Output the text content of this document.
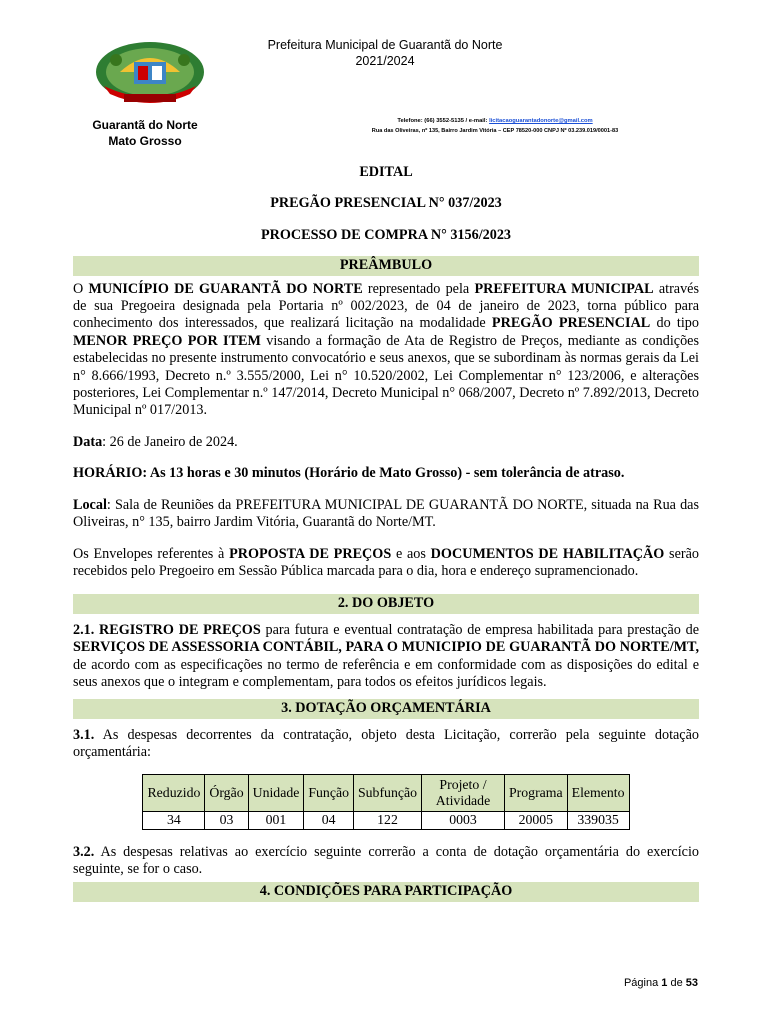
Prefeitura Municipal de Guarantã do Norte
2021/2024
Guarantã do Norte
Mato Grosso
Telefone: (66) 3552-5135 / e-mail: licitacaoguarantadonorte@gmail.com
Rua das Oliveiras, nº 135, Bairro Jardim Vitória – CEP 78520-000 CNPJ Nº 03.239.019/0001-83
EDITAL
PREGÃO PRESENCIAL N° 037/2023
PROCESSO DE COMPRA N° 3156/2023
PREÂMBULO

O MUNICÍPIO DE GUARANTÃ DO NORTE representado pela PREFEITURA MUNICIPAL através de sua Pregoeira designada pela Portaria nº 002/2023, de 04 de janeiro de 2023, torna público para conhecimento dos interessados, que realizará licitação na modalidade PREGÃO PRESENCIAL do tipo MENOR PREÇO POR ITEM visando a formação de Ata de Registro de Preços, mediante as condições estabelecidas no presente instrumento convocatório e seus anexos, que se subordinam às normas gerais da Lei n° 8.666/1993, Decreto n.º 3.555/2000, Lei n° 10.520/2002, Lei Complementar n° 123/2006, e alterações posteriores, Lei Complementar n.º 147/2014, Decreto Municipal n° 068/2007, Decreto nº 7.892/2013, Decreto Municipal nº 017/2013.

Data: 26 de Janeiro de 2024.

HORÁRIO: As 13 horas e 30 minutos (Horário de Mato Grosso) - sem tolerância de atraso.

Local: Sala de Reuniões da PREFEITURA MUNICIPAL DE GUARANTÃ DO NORTE, situada na Rua das Oliveiras, n° 135, bairro Jardim Vitória, Guarantã do Norte/MT.

Os Envelopes referentes à PROPOSTA DE PREÇOS e aos DOCUMENTOS DE HABILITAÇÃO serão recebidos pelo Pregoeiro em Sessão Pública marcada para o dia, hora e endereço supramencionado.

2. DO OBJETO

2.1. REGISTRO DE PREÇOS para futura e eventual contratação de empresa habilitada para prestação de SERVIÇOS DE ASSESSORIA CONTÁBIL, PARA O MUNICIPIO DE GUARANTÃ DO NORTE/MT, de acordo com as especificações no termo de referência e em conformidade com as disposições do edital e seus anexos que o integram e complementam, para todos os efeitos jurídicos legais.

3. DOTAÇÃO ORÇAMENTÁRIA

3.1. As despesas decorrentes da contratação, objeto desta Licitação, correrão pela seguinte dotação orçamentária:

Reduzido	Órgão	Unidade	Função	Subfunção	Projeto / Atividade	Programa	Elemento
34	03	001	04	122	0003	20005	339035

3.2. As despesas relativas ao exercício seguinte correrão a conta de dotação orçamentária do exercício seguinte, se for o caso.

4. CONDIÇÕES PARA PARTICIPAÇÃO
Página 1 de 53
